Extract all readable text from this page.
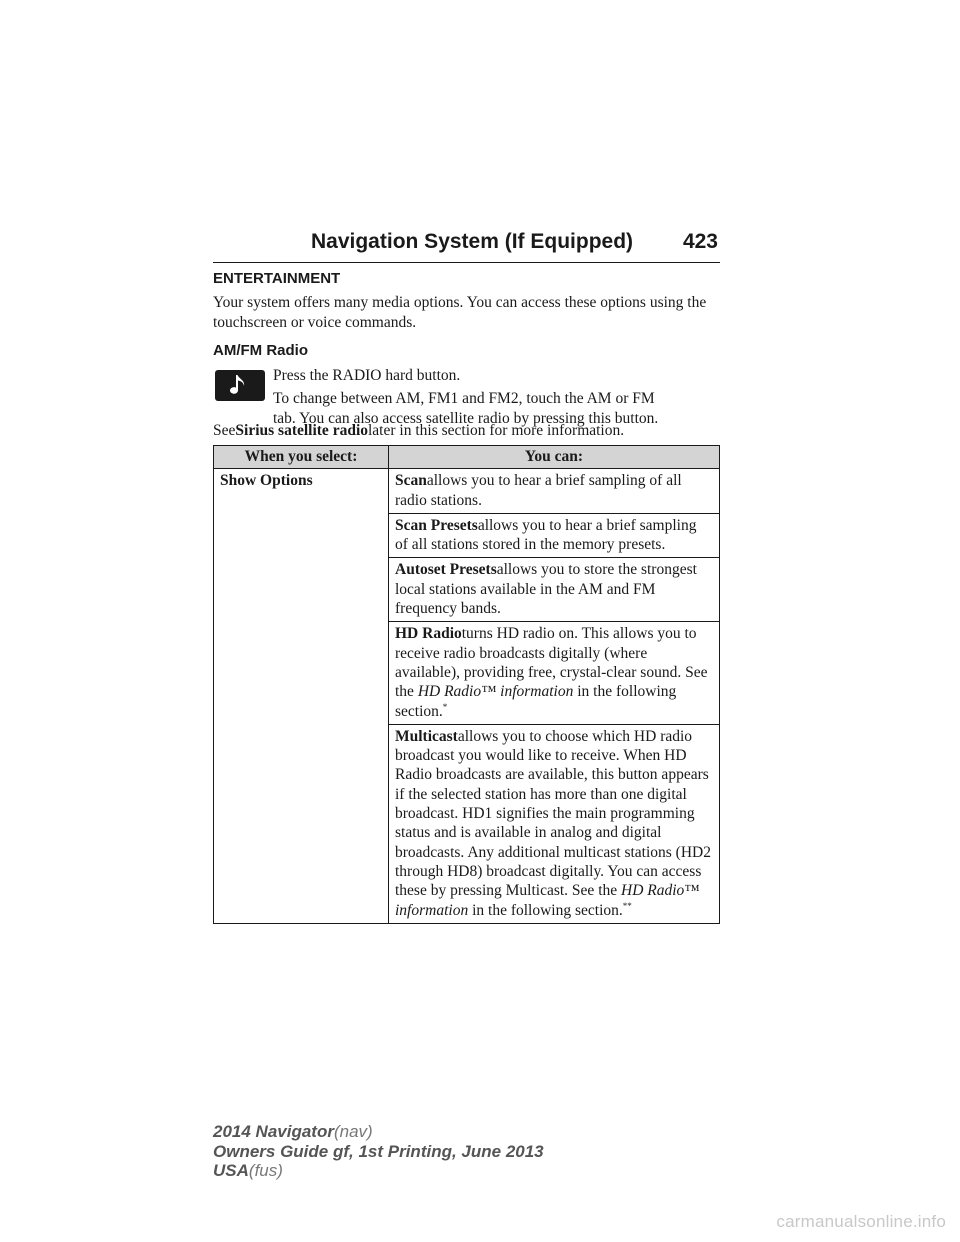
Navigation System (If Equipped) 423
ENTERTAINMENT

Your system offers many media options. You can access these options using the touchscreen or voice commands.

AM/FM Radio

Press the RADIO hard button.

To change between AM, FM1 and FM2, touch the AM or FM
tab. You can also access satellite radio by pressing this button.

SeeSirius satellite radiolater in this section for more information.

When you select:	You can:
Show Options	Scanallows you to hear a brief sampling of all radio stations.
	Scan Presetsallows you to hear a brief sampling of all stations stored in the memory presets.
	Autoset Presetsallows you to store the strongest local stations available in the AM and FM frequency bands.
	HD Radioturns HD radio on. This allows you to receive radio broadcasts digitally (where available), providing free, crystal-clear sound. See the HD Radio™ information in the following section.*
	Multicastallows you to choose which HD radio broadcast you would like to receive. When HD Radio broadcasts are available, this button appears if the selected station has more than one digital broadcast. HD1 signifies the main programming status and is available in analog and digital broadcasts. Any additional multicast stations (HD2 through HD8) broadcast digitally. You can access these by pressing Multicast. See the HD Radio™ information in the following section.**
2014 Navigator(nav)
Owners Guide gf, 1st Printing, June 2013
USA(fus)
carmanualsonline.info
